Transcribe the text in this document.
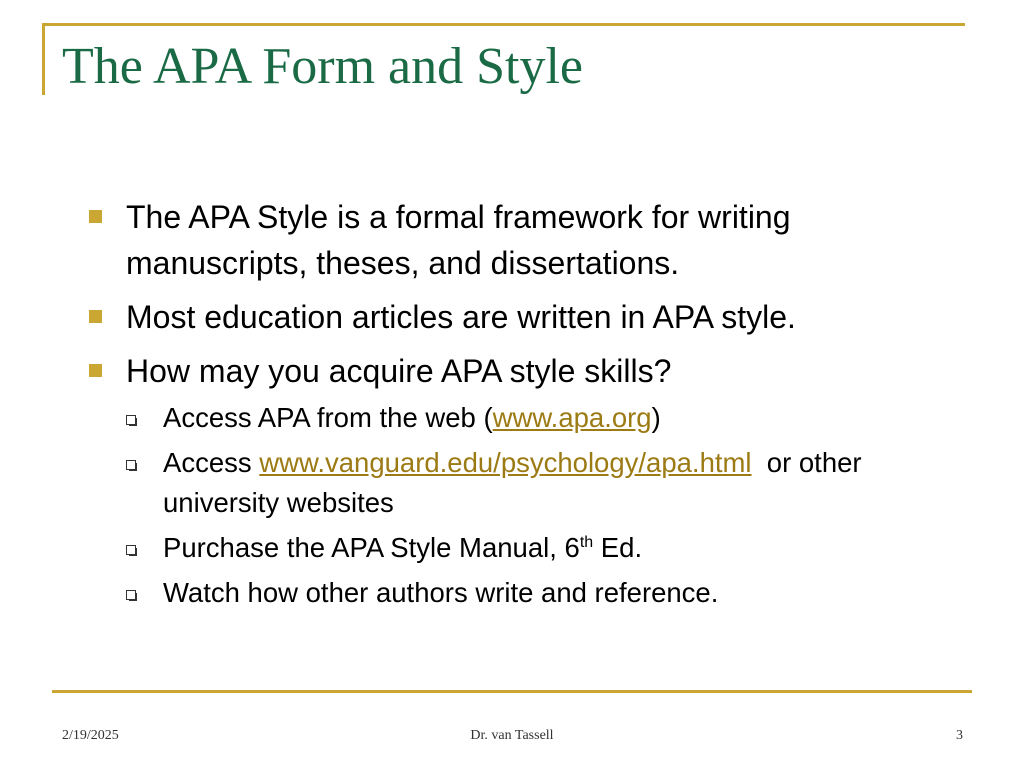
The APA Form and Style
The APA Style is a formal framework for writing manuscripts, theses, and dissertations.
Most education articles are written in APA style.
How may you acquire APA style skills?
Access APA from the web (www.apa.org)
Access www.vanguard.edu/psychology/apa.html  or other university websites
Purchase the APA Style Manual, 6th Ed.
Watch how other authors write and reference.
2/19/2025	Dr. van Tassell	3
